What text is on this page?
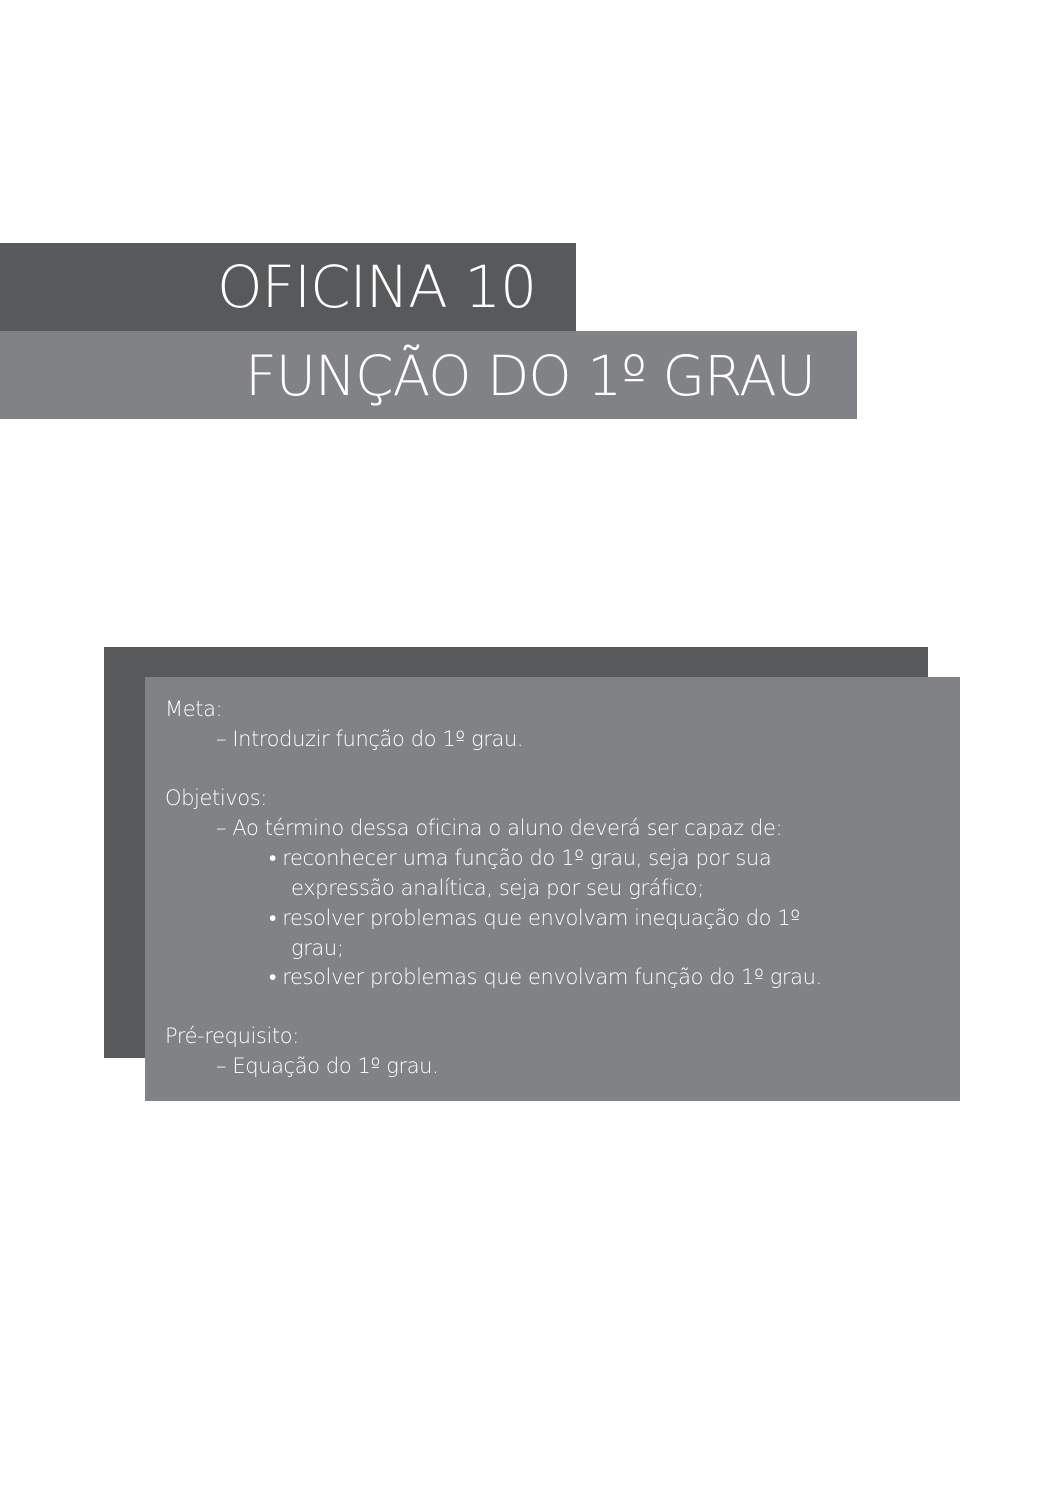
OFICINA 10
FUNÇÃO DO 1º GRAU
Meta:
– Introduzir função do 1º grau.
Objetivos:
– Ao término dessa oficina o aluno deverá ser capaz de:
• reconhecer uma função do 1º grau, seja por sua
expressão analítica, seja por seu gráfico;
• resolver problemas que envolvam inequação do 1º
grau;
• resolver problemas que envolvam função do 1º grau.
Pré-requisito:
– Equação do 1º grau.
